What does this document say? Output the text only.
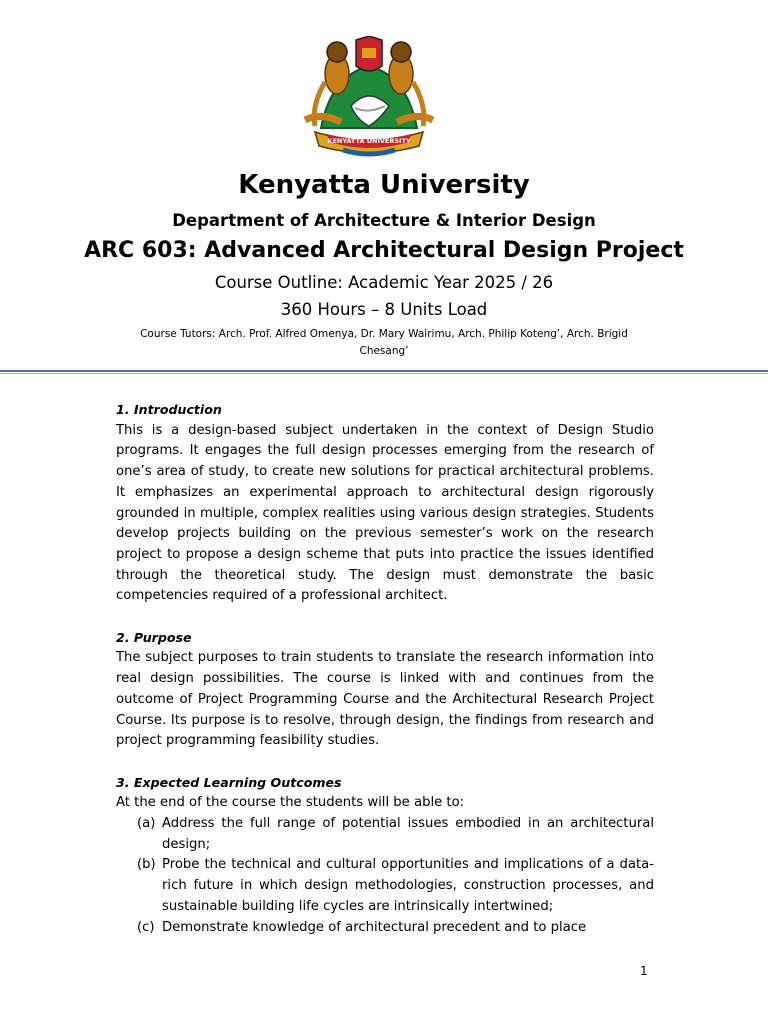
KENYATTA UNIVERSITY
Kenyatta University
Department of Architecture & Interior Design
ARC 603: Advanced Architectural Design Project
Course Outline: Academic Year 2025 / 26
360 Hours – 8 Units Load
Course Tutors: Arch. Prof. Alfred Omenya, Dr. Mary Wairimu, Arch. Philip Koteng’, Arch. Brigid Chesang’

1. Introduction

This is a design-based subject undertaken in the context of Design Studio programs. It engages the full design processes emerging from the research of one’s area of study, to create new solutions for practical architectural problems. It emphasizes an experimental approach to architectural design rigorously grounded in multiple, complex realities using various design strategies. Students develop projects building on the previous semester’s work on the research project to propose a design scheme that puts into practice the issues identified through the theoretical study. The design must demonstrate the basic competencies required of a professional architect.

2. Purpose

The subject purposes to train students to translate the research information into real design possibilities. The course is linked with and continues from the outcome of Project Programming Course and the Architectural Research Project Course. Its purpose is to resolve, through design, the findings from research and project programming feasibility studies.

3. Expected Learning Outcomes

At the end of the course the students will be able to:

(a) Address the full range of potential issues embodied in an architectural design;
(b) Probe the technical and cultural opportunities and implications of a data-rich future in which design methodologies, construction processes, and sustainable building life cycles are intrinsically intertwined;
(c) Demonstrate knowledge of architectural precedent and to place
1
